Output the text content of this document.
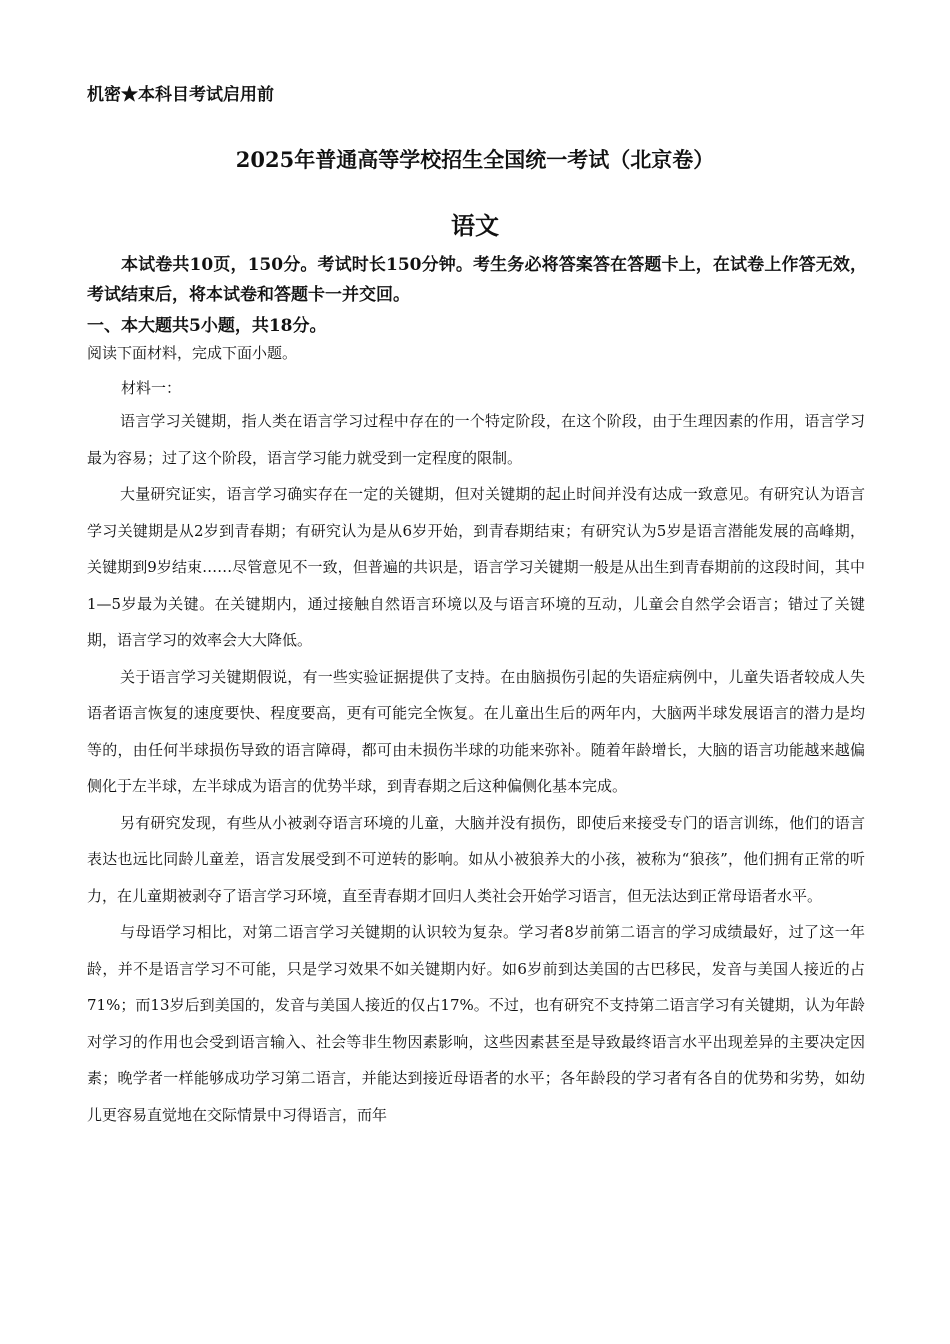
机密★本科目考试启用前
2025年普通高等学校招生全国统一考试（北京卷）
语文
本试卷共10页，150分。考试时长150分钟。考生务必将答案答在答题卡上，在试卷上作答无效，考试结束后，将本试卷和答题卡一并交回。
一、本大题共5小题，共18分。
阅读下面材料，完成下面小题。
材料一：

语言学习关键期，指人类在语言学习过程中存在的一个特定阶段，在这个阶段，由于生理因素的作用，语言学习最为容易；过了这个阶段，语言学习能力就受到一定程度的限制。

大量研究证实，语言学习确实存在一定的关键期，但对关键期的起止时间并没有达成一致意见。有研究认为语言学习关键期是从2岁到青春期；有研究认为是从6岁开始，到青春期结束；有研究认为5岁是语言潜能发展的高峰期，关键期到9岁结束……尽管意见不一致，但普遍的共识是，语言学习关键期一般是从出生到青春期前的这段时间，其中1—5岁最为关键。在关键期内，通过接触自然语言环境以及与语言环境的互动，儿童会自然学会语言；错过了关键期，语言学习的效率会大大降低。

关于语言学习关键期假说，有一些实验证据提供了支持。在由脑损伤引起的失语症病例中，儿童失语者较成人失语者语言恢复的速度要快、程度要高，更有可能完全恢复。在儿童出生后的两年内，大脑两半球发展语言的潜力是均等的，由任何半球损伤导致的语言障碍，都可由未损伤半球的功能来弥补。随着年龄增长，大脑的语言功能越来越偏侧化于左半球，左半球成为语言的优势半球，到青春期之后这种偏侧化基本完成。

另有研究发现，有些从小被剥夺语言环境的儿童，大脑并没有损伤，即使后来接受专门的语言训练，他们的语言表达也远比同龄儿童差，语言发展受到不可逆转的影响。如从小被狼养大的小孩，被称为“狼孩”，他们拥有正常的听力，在儿童期被剥夺了语言学习环境，直至青春期才回归人类社会开始学习语言，但无法达到正常母语者水平。

与母语学习相比，对第二语言学习关键期的认识较为复杂。学习者8岁前第二语言的学习成绩最好，过了这一年龄，并不是语言学习不可能，只是学习效果不如关键期内好。如6岁前到达美国的古巴移民，发音与美国人接近的占71%；而13岁后到美国的，发音与美国人接近的仅占17%。不过，也有研究不支持第二语言学习有关键期，认为年龄对学习的作用也会受到语言输入、社会等非生物因素影响，这些因素甚至是导致最终语言水平出现差异的主要决定因素；晚学者一样能够成功学习第二语言，并能达到接近母语者的水平；各年龄段的学习者有各自的优势和劣势，如幼儿更容易直觉地在交际情景中习得语言，而年
